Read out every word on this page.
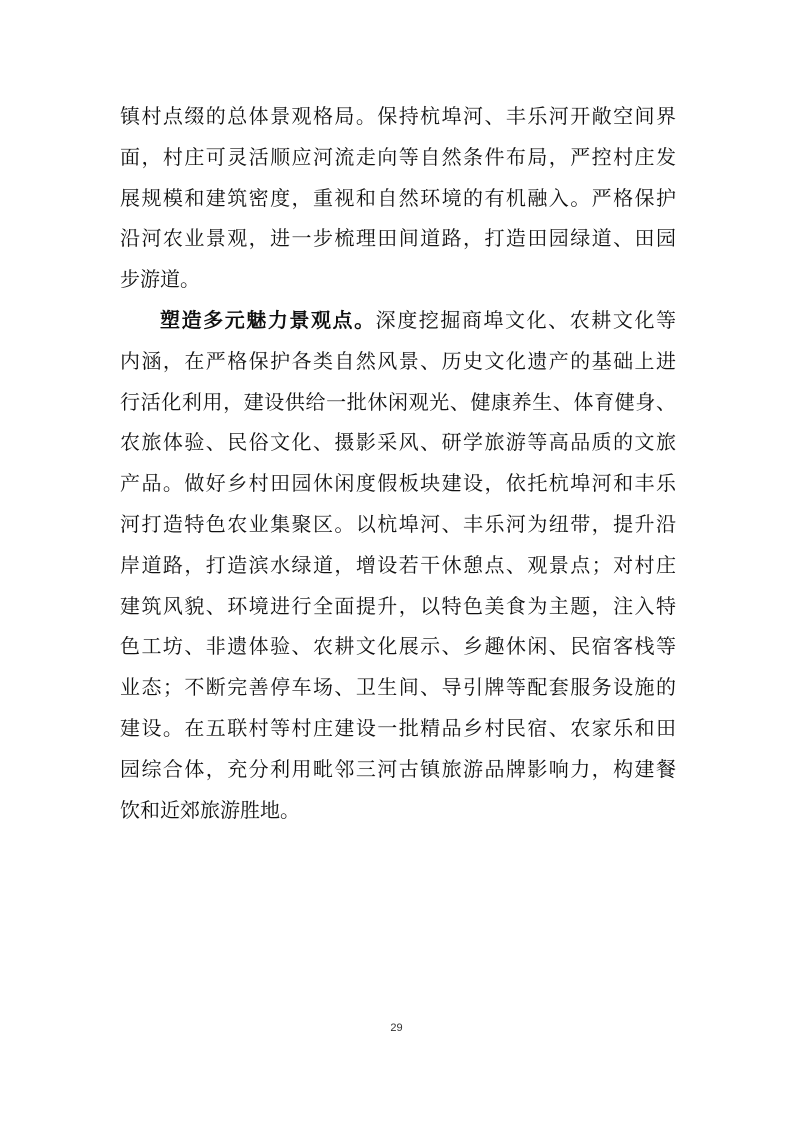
镇村点缀的总体景观格局。保持杭埠河、丰乐河开敞空间界
面，村庄可灵活顺应河流走向等自然条件布局，严控村庄发
展规模和建筑密度，重视和自然环境的有机融入。严格保护
沿河农业景观，进一步梳理田间道路，打造田园绿道、田园
步游道。
塑造多元魅力景观点。深度挖掘商埠文化、农耕文化等
内涵，在严格保护各类自然风景、历史文化遗产的基础上进
行活化利用，建设供给一批休闲观光、健康养生、体育健身、
农旅体验、民俗文化、摄影采风、研学旅游等高品质的文旅
产品。做好乡村田园休闲度假板块建设，依托杭埠河和丰乐
河打造特色农业集聚区。以杭埠河、丰乐河为纽带，提升沿
岸道路，打造滨水绿道，增设若干休憩点、观景点；对村庄
建筑风貌、环境进行全面提升，以特色美食为主题，注入特
色工坊、非遗体验、农耕文化展示、乡趣休闲、民宿客栈等
业态；不断完善停车场、卫生间、导引牌等配套服务设施的
建设。在五联村等村庄建设一批精品乡村民宿、农家乐和田
园综合体，充分利用毗邻三河古镇旅游品牌影响力，构建餐
饮和近郊旅游胜地。
29
